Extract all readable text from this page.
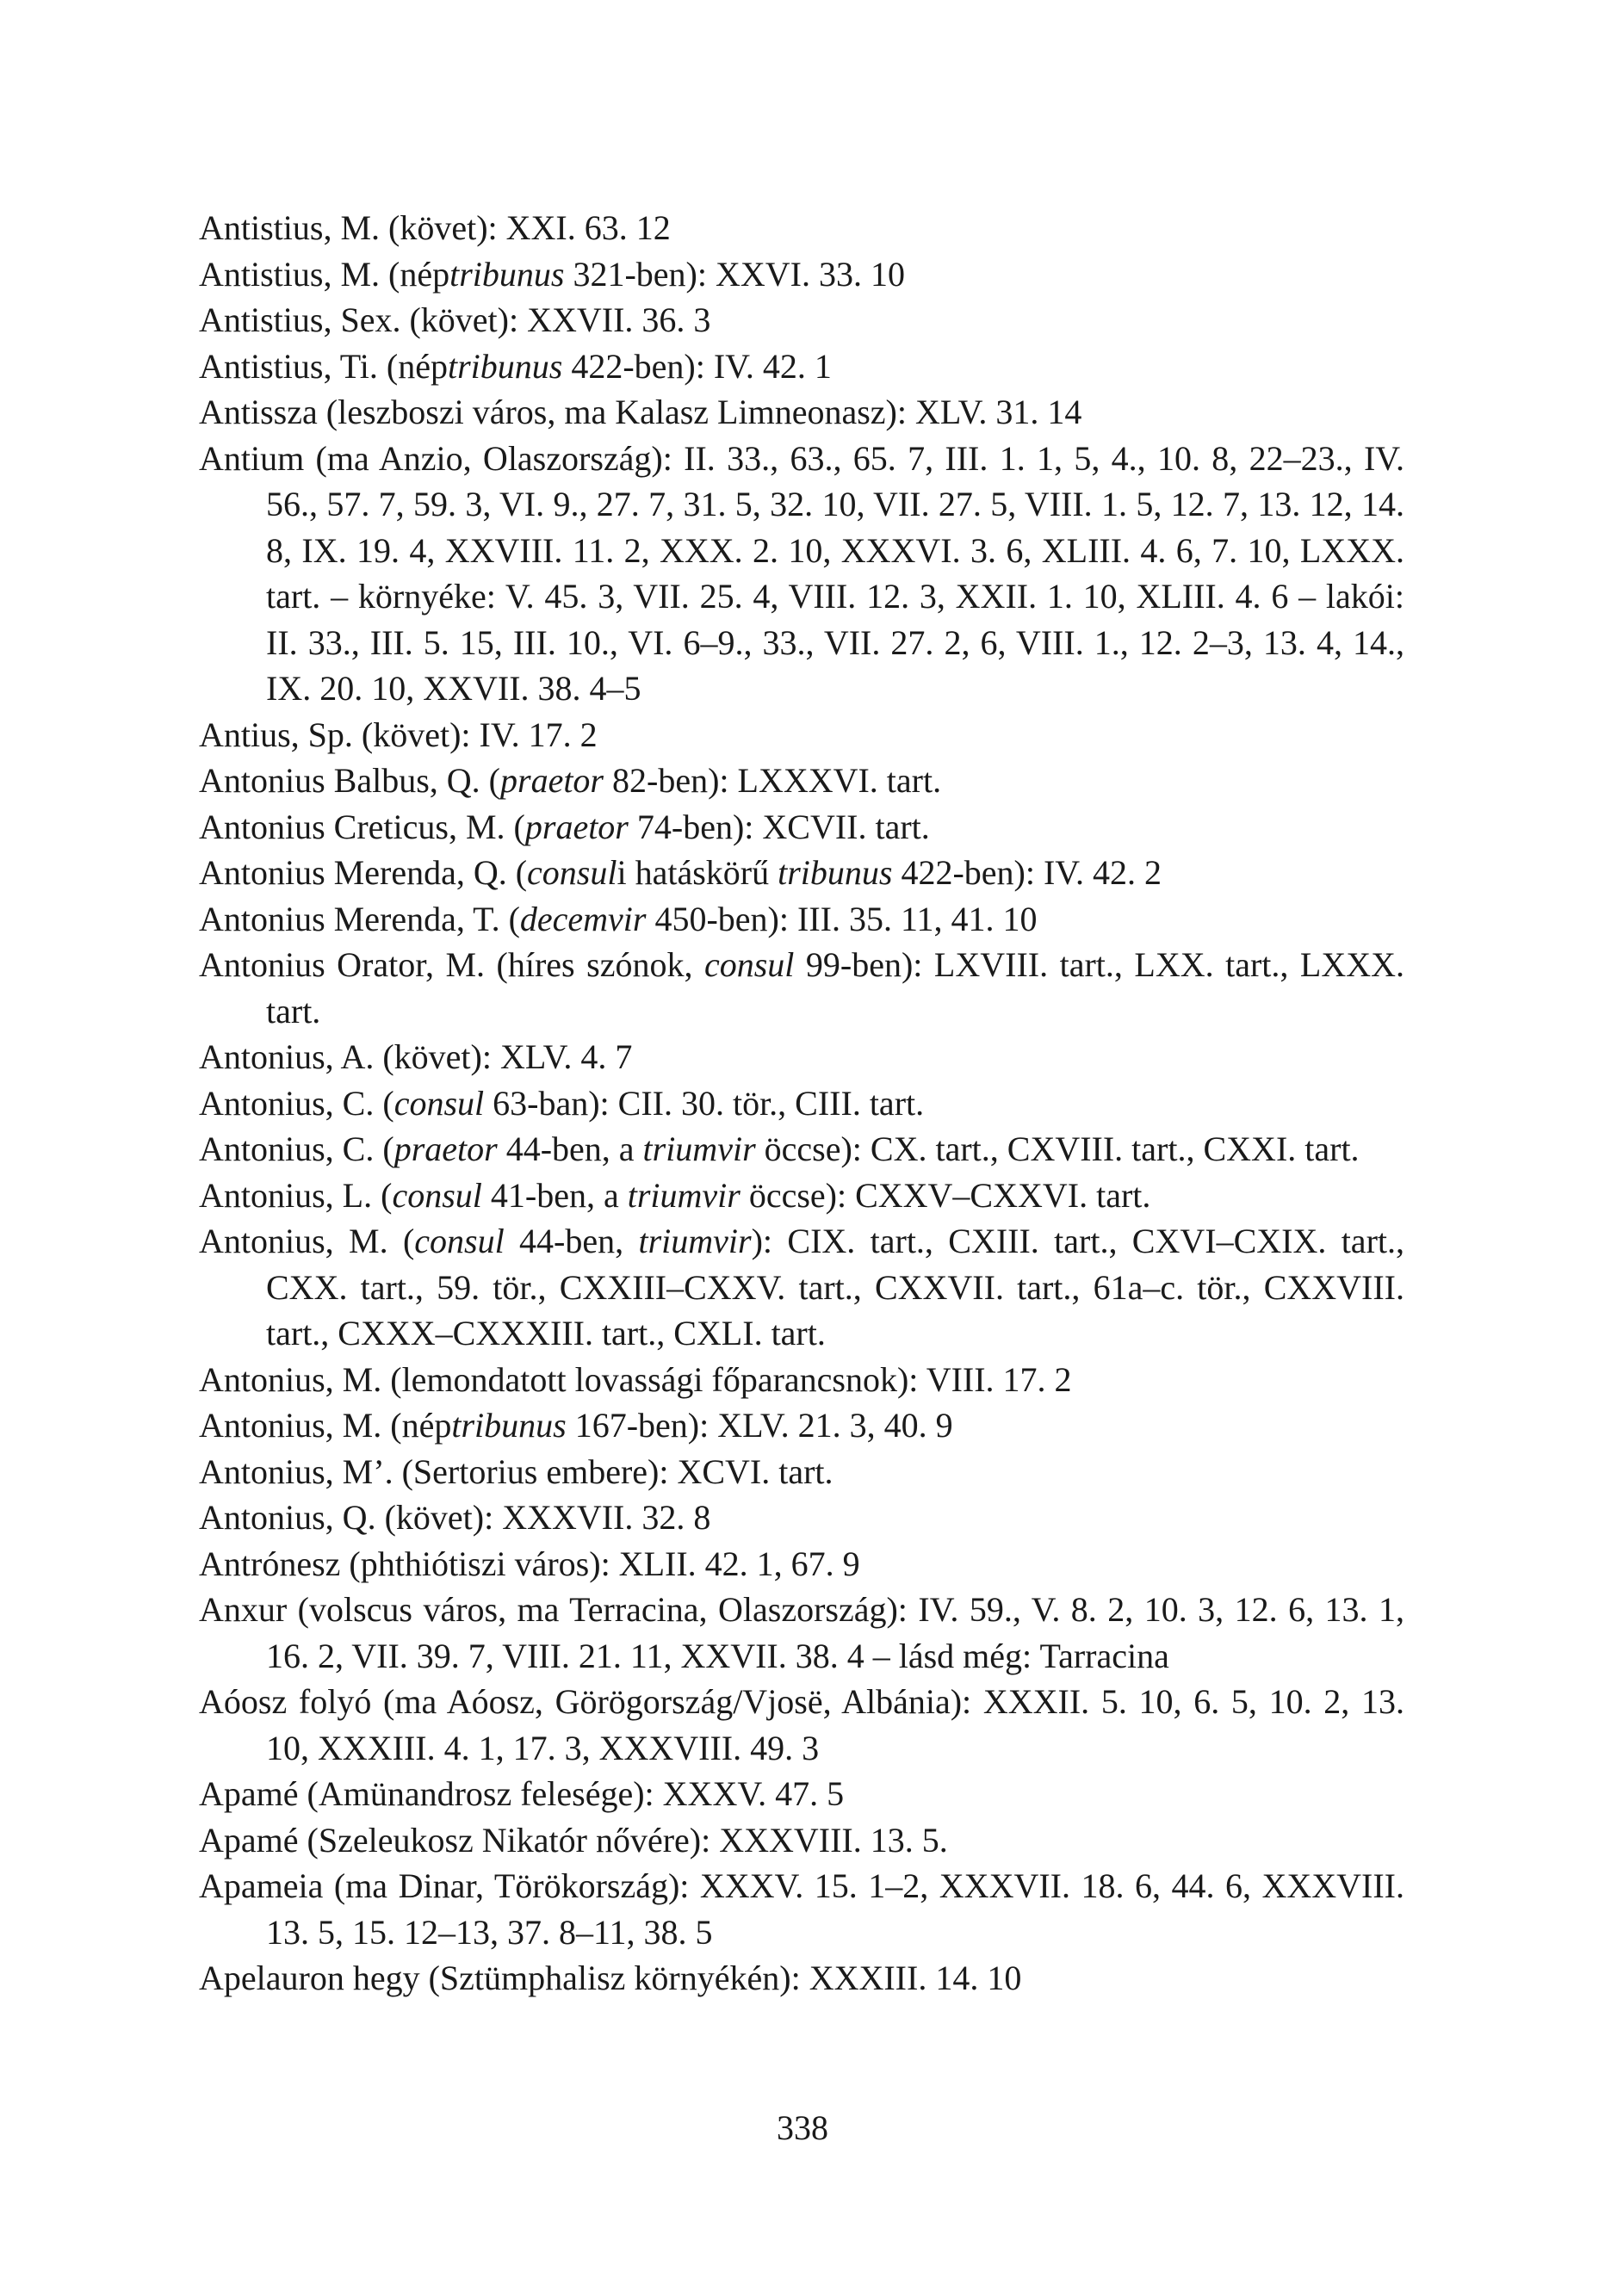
Antistius, M. (követ): XXI. 63. 12

Antistius, M. (néptribunus 321-ben): XXVI. 33. 10

Antistius, Sex. (követ): XXVII. 36. 3

Antistius, Ti. (néptribunus 422-ben): IV. 42. 1

Antissza (leszboszi város, ma Kalasz Limneonasz): XLV. 31. 14

Antium (ma Anzio, Olaszország): II. 33., 63., 65. 7, III. 1. 1, 5, 4., 10. 8, 22–23., IV. 56., 57. 7, 59. 3, VI. 9., 27. 7, 31. 5, 32. 10, VII. 27. 5, VIII. 1. 5, 12. 7, 13. 12, 14. 8, IX. 19. 4, XXVIII. 11. 2, XXX. 2. 10, XXXVI. 3. 6, XLIII. 4. 6, 7. 10, LXXX. tart. – környéke: V. 45. 3, VII. 25. 4, VIII. 12. 3, XXII. 1. 10, XLIII. 4. 6 – lakói: II. 33., III. 5. 15, III. 10., VI. 6–9., 33., VII. 27. 2, 6, VIII. 1., 12. 2–3, 13. 4, 14., IX. 20. 10, XXVII. 38. 4–5

Antius, Sp. (követ): IV. 17. 2

Antonius Balbus, Q. (praetor 82-ben): LXXXVI. tart.

Antonius Creticus, M. (praetor 74-ben): XCVII. tart.

Antonius Merenda, Q. (consuli hatáskörű tribunus 422-ben): IV. 42. 2

Antonius Merenda, T. (decemvir 450-ben): III. 35. 11, 41. 10

Antonius Orator, M. (híres szónok, consul 99-ben): LXVIII. tart., LXX. tart., LXXX. tart.

Antonius, A. (követ): XLV. 4. 7

Antonius, C. (consul 63-ban): CII. 30. tör., CIII. tart.

Antonius, C. (praetor 44-ben, a triumvir öccse): CX. tart., CXVIII. tart., CXXI. tart.

Antonius, L. (consul 41-ben, a triumvir öccse): CXXV–CXXVI. tart.

Antonius, M. (consul 44-ben, triumvir): CIX. tart., CXIII. tart., CXVI–CXIX. tart., CXX. tart., 59. tör., CXXIII–CXXV. tart., CXXVII. tart., 61a–c. tör., CXXVIII. tart., CXXX–CXXXIII. tart., CXLI. tart.

Antonius, M. (lemondatott lovassági főparancsnok): VIII. 17. 2

Antonius, M. (néptribunus 167-ben): XLV. 21. 3, 40. 9

Antonius, M’. (Sertorius embere): XCVI. tart.

Antonius, Q. (követ): XXXVII. 32. 8

Antrónesz (phthiótiszi város): XLII. 42. 1, 67. 9

Anxur (volscus város, ma Terracina, Olaszország): IV. 59., V. 8. 2, 10. 3, 12. 6, 13. 1, 16. 2, VII. 39. 7, VIII. 21. 11, XXVII. 38. 4 – lásd még: Tarracina

Aóosz folyó (ma Aóosz, Görögország/Vjosë, Albánia): XXXII. 5. 10, 6. 5, 10. 2, 13. 10, XXXIII. 4. 1, 17. 3, XXXVIII. 49. 3

Apamé (Amünandrosz felesége): XXXV. 47. 5

Apamé (Szeleukosz Nikatór nővére): XXXVIII. 13. 5.

Apameia (ma Dinar, Törökország): XXXV. 15. 1–2, XXXVII. 18. 6, 44. 6, XXXVIII. 13. 5, 15. 12–13, 37. 8–11, 38. 5

Apelauron hegy (Sztümphalisz környékén): XXXIII. 14. 10

338
